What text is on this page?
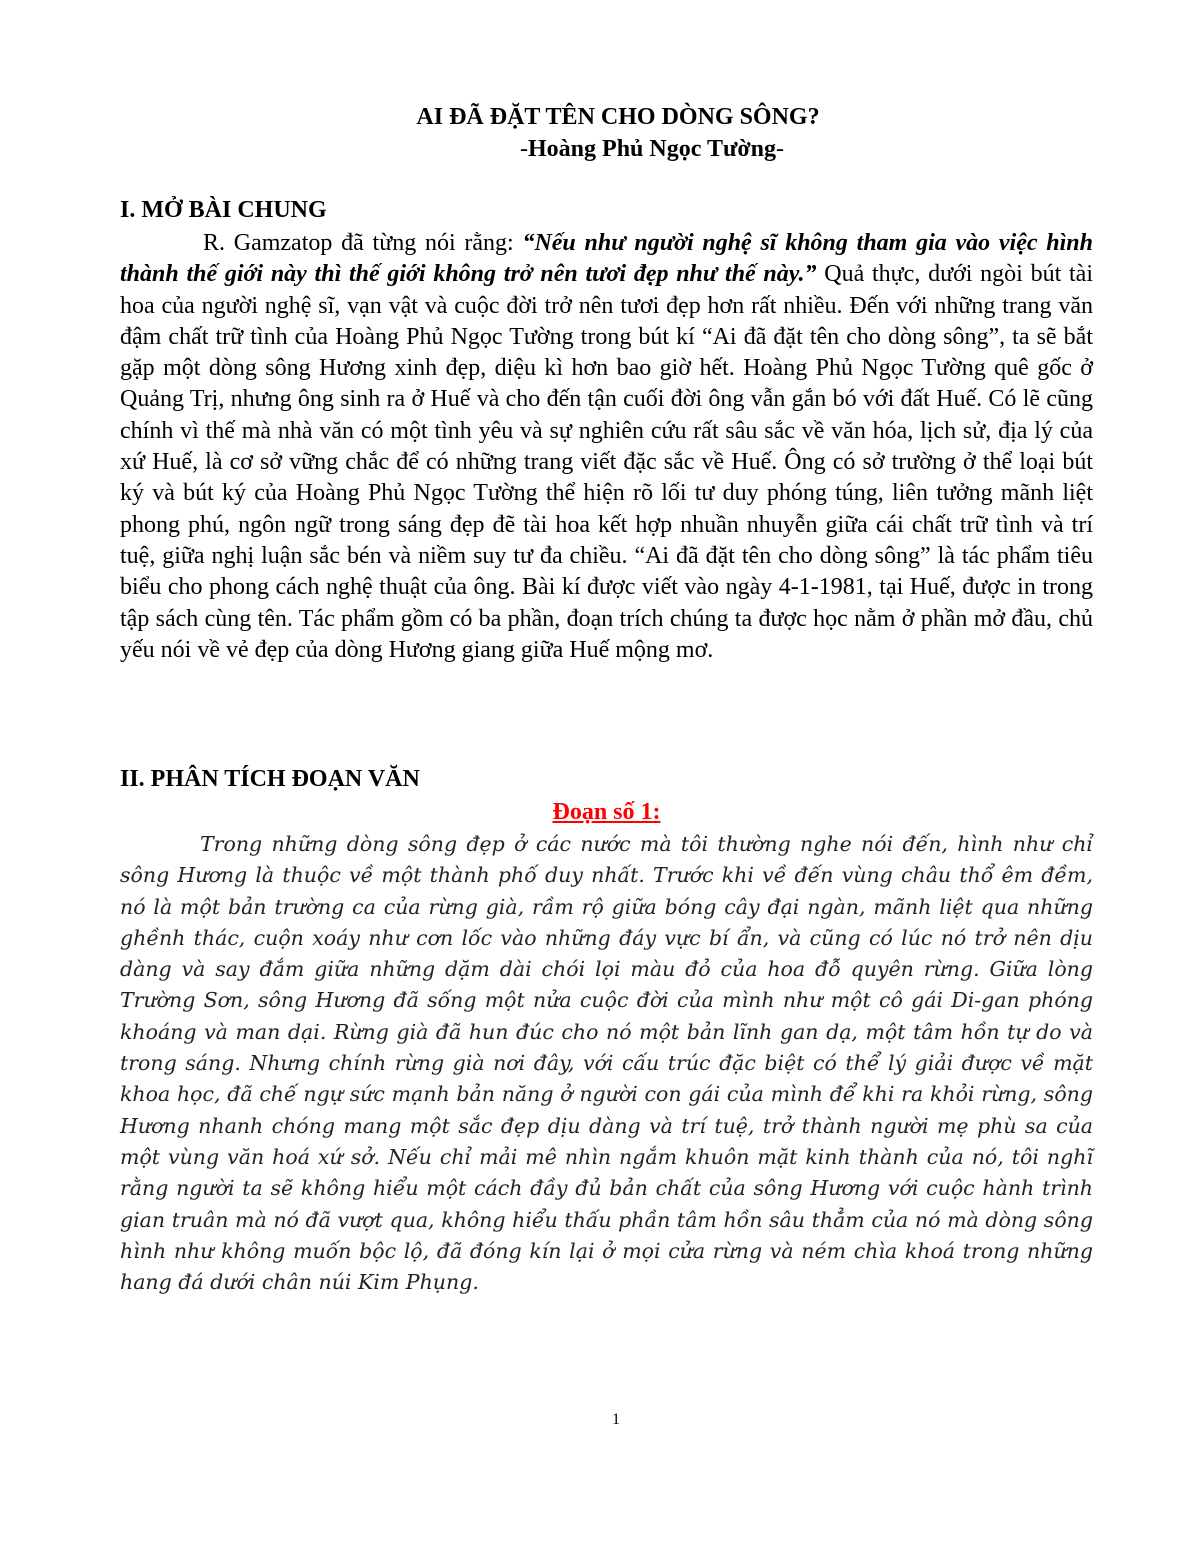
AI ĐÃ ĐẶT TÊN CHO DÒNG SÔNG?
-Hoàng Phủ Ngọc Tường-
I. MỞ BÀI CHUNG

R. Gamzatop đã từng nói rằng: “Nếu như người nghệ sĩ không tham gia vào việc hình thành thế giới này thì thế giới không trở nên tươi đẹp như thế này.” Quả thực, dưới ngòi bút tài hoa của người nghệ sĩ, vạn vật và cuộc đời trở nên tươi đẹp hơn rất nhiều. Đến với những trang văn đậm chất trữ tình của Hoàng Phủ Ngọc Tường trong bút kí “Ai đã đặt tên cho dòng sông”, ta sẽ bắt gặp một dòng sông Hương xinh đẹp, diệu kì hơn bao giờ hết. Hoàng Phủ Ngọc Tường quê gốc ở Quảng Trị, nhưng ông sinh ra ở Huế và cho đến tận cuối đời ông vẫn gắn bó với đất Huế. Có lẽ cũng chính vì thế mà nhà văn có một tình yêu và sự nghiên cứu rất sâu sắc về văn hóa, lịch sử, địa lý của xứ Huế, là cơ sở vững chắc để có những trang viết đặc sắc về Huế. Ông có sở trường ở thể loại bút ký và bút ký của Hoàng Phủ Ngọc Tường thể hiện rõ lối tư duy phóng túng, liên tưởng mãnh liệt phong phú, ngôn ngữ trong sáng đẹp đẽ tài hoa kết hợp nhuần nhuyễn giữa cái chất trữ tình và trí tuệ, giữa nghị luận sắc bén và niềm suy tư đa chiều. “Ai đã đặt tên cho dòng sông” là tác phẩm tiêu biểu cho phong cách nghệ thuật của ông. Bài kí được viết vào ngày 4-1-1981, tại Huế, được in trong tập sách cùng tên. Tác phẩm gồm có ba phần, đoạn trích chúng ta được học nằm ở phần mở đầu, chủ yếu nói về vẻ đẹp của dòng Hương giang giữa Huế mộng mơ.

II. PHÂN TÍCH ĐOẠN VĂN
Đoạn số 1:

Trong những dòng sông đẹp ở các nước mà tôi thường nghe nói đến, hình như chỉ sông Hương là thuộc về một thành phố duy nhất. Trước khi về đến vùng châu thổ êm đềm, nó là một bản trường ca của rừng già, rầm rộ giữa bóng cây đại ngàn, mãnh liệt qua những ghềnh thác, cuộn xoáy như cơn lốc vào những đáy vực bí ẩn, và cũng có lúc nó trở nên dịu dàng và say đắm giữa những dặm dài chói lọi màu đỏ của hoa đỗ quyên rừng. Giữa lòng Trường Sơn, sông Hương đã sống một nửa cuộc đời của mình như một cô gái Di-gan phóng khoáng và man dại. Rừng già đã hun đúc cho nó một bản lĩnh gan dạ, một tâm hồn tự do và trong sáng. Nhưng chính rừng già nơi đây, với cấu trúc đặc biệt có thể lý giải được về mặt khoa học, đã chế ngự sức mạnh bản năng ở người con gái của mình để khi ra khỏi rừng, sông Hương nhanh chóng mang một sắc đẹp dịu dàng và trí tuệ, trở thành người mẹ phù sa của một vùng văn hoá xứ sở. Nếu chỉ mải mê nhìn ngắm khuôn mặt kinh thành của nó, tôi nghĩ rằng người ta sẽ không hiểu một cách đầy đủ bản chất của sông Hương với cuộc hành trình gian truân mà nó đã vượt qua, không hiểu thấu phần tâm hồn sâu thẳm của nó mà dòng sông hình như không muốn bộc lộ, đã đóng kín lại ở mọi cửa rừng và ném chìa khoá trong những hang đá dưới chân núi Kim Phụng.

1
